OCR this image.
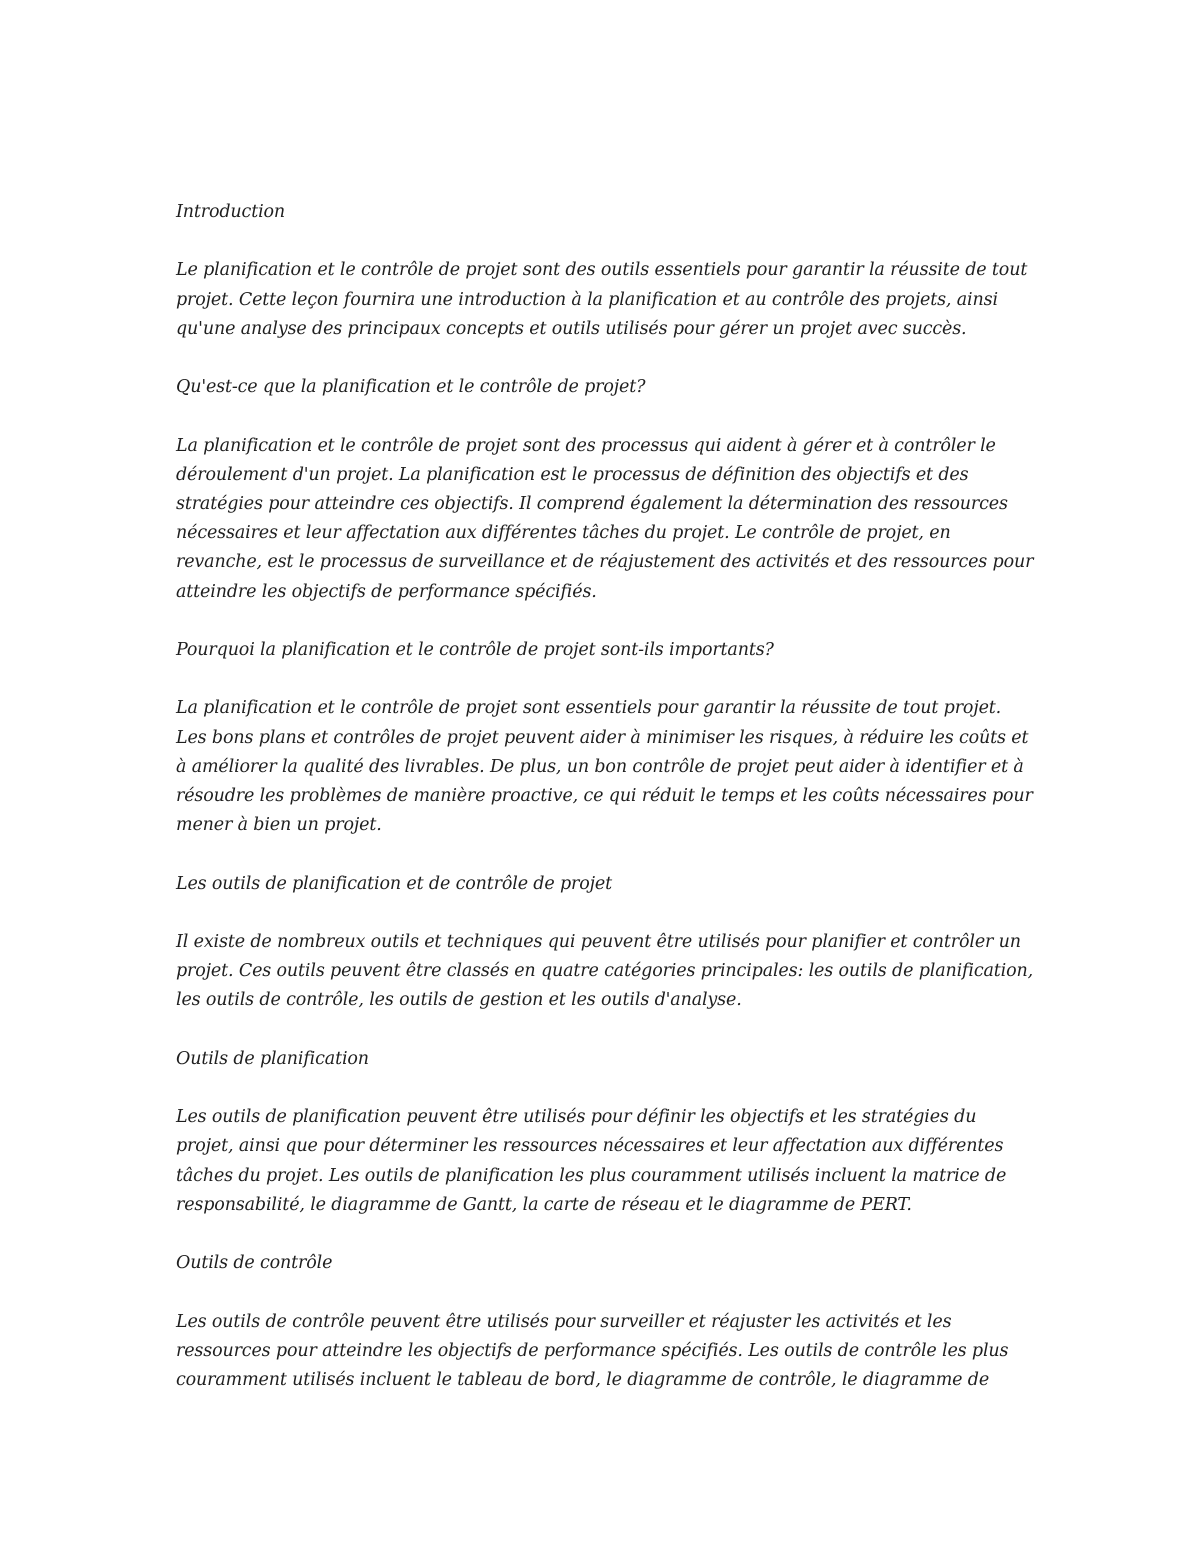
Introduction

Le planification et le contrôle de projet sont des outils essentiels pour garantir la réussite de tout projet. Cette leçon fournira une introduction à la planification et au contrôle des projets, ainsi qu'une analyse des principaux concepts et outils utilisés pour gérer un projet avec succès.

Qu'est-ce que la planification et le contrôle de projet?

La planification et le contrôle de projet sont des processus qui aident à gérer et à contrôler le déroulement d'un projet. La planification est le processus de définition des objectifs et des stratégies pour atteindre ces objectifs. Il comprend également la détermination des ressources nécessaires et leur affectation aux différentes tâches du projet. Le contrôle de projet, en revanche, est le processus de surveillance et de réajustement des activités et des ressources pour atteindre les objectifs de performance spécifiés.

Pourquoi la planification et le contrôle de projet sont-ils importants?

La planification et le contrôle de projet sont essentiels pour garantir la réussite de tout projet. Les bons plans et contrôles de projet peuvent aider à minimiser les risques, à réduire les coûts et à améliorer la qualité des livrables. De plus, un bon contrôle de projet peut aider à identifier et à résoudre les problèmes de manière proactive, ce qui réduit le temps et les coûts nécessaires pour mener à bien un projet.

Les outils de planification et de contrôle de projet

Il existe de nombreux outils et techniques qui peuvent être utilisés pour planifier et contrôler un projet. Ces outils peuvent être classés en quatre catégories principales: les outils de planification, les outils de contrôle, les outils de gestion et les outils d'analyse.

Outils de planification

Les outils de planification peuvent être utilisés pour définir les objectifs et les stratégies du projet, ainsi que pour déterminer les ressources nécessaires et leur affectation aux différentes tâches du projet. Les outils de planification les plus couramment utilisés incluent la matrice de responsabilité, le diagramme de Gantt, la carte de réseau et le diagramme de PERT.

Outils de contrôle

Les outils de contrôle peuvent être utilisés pour surveiller et réajuster les activités et les ressources pour atteindre les objectifs de performance spécifiés. Les outils de contrôle les plus couramment utilisés incluent le tableau de bord, le diagramme de contrôle, le diagramme de
